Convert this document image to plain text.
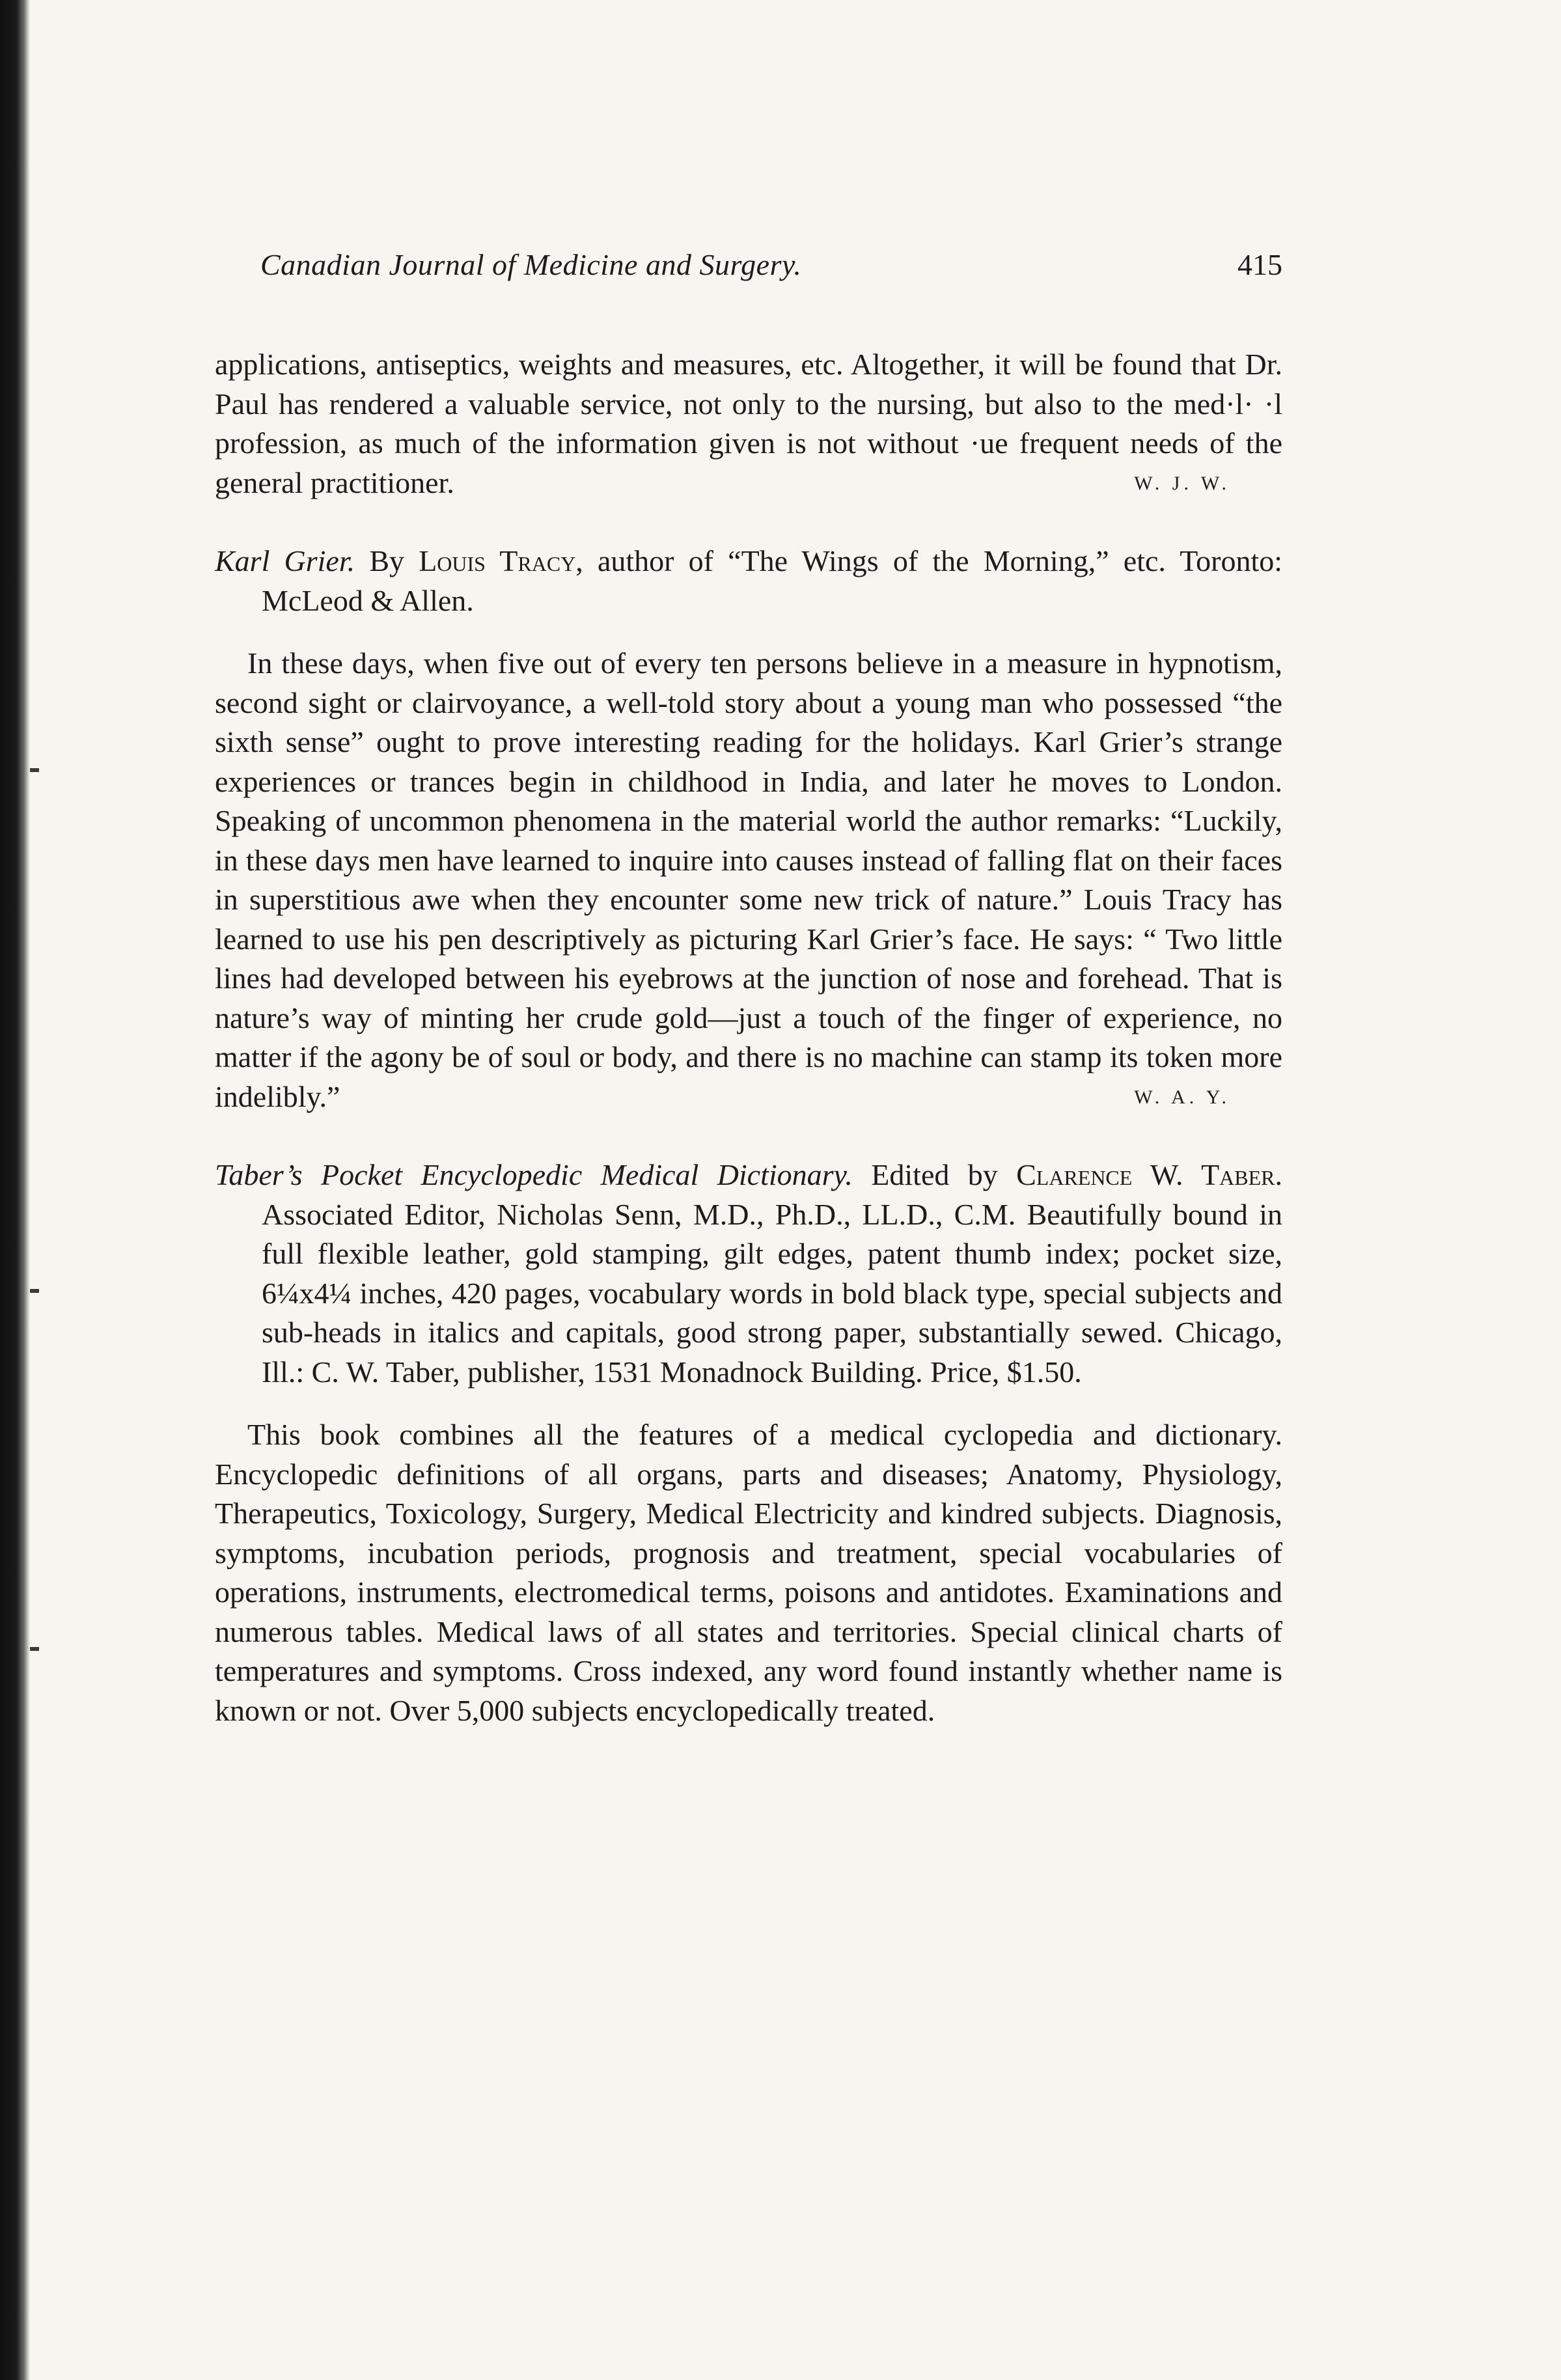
Canadian Journal of Medicine and Surgery.	415

applications, antiseptics, weights and measures, etc. Altogether, it will be found that Dr. Paul has rendered a valuable service, not only to the nursing, but also to the med·l· ·l profession, as much of the information given is not without ·ue frequent needs of the general practitioner.	W. J. W.

Karl Grier. By Louis Tracy, author of “The Wings of the Morning,” etc. Toronto: McLeod & Allen.

In these days, when five out of every ten persons believe in a measure in hypnotism, second sight or clairvoyance, a well-told story about a young man who possessed “the sixth sense” ought to prove interesting reading for the holidays. Karl Grier’s strange experiences or trances begin in childhood in India, and later he moves to London. Speaking of uncommon phenomena in the material world the author remarks: “Luckily, in these days men have learned to inquire into causes instead of falling flat on their faces in superstitious awe when they encounter some new trick of nature.” Louis Tracy has learned to use his pen descriptively as picturing Karl Grier’s face. He says: “ Two little lines had developed between his eyebrows at the junction of nose and forehead. That is nature’s way of minting her crude gold—just a touch of the finger of experience, no matter if the agony be of soul or body, and there is no machine can stamp its token more indelibly.”	W. A. Y.

Taber’s Pocket Encyclopedic Medical Dictionary. Edited by Clarence W. Taber. Associated Editor, Nicholas Senn, M.D., Ph.D., LL.D., C.M. Beautifully bound in full flexible leather, gold stamping, gilt edges, patent thumb index; pocket size, 6¼x4¼ inches, 420 pages, vocabulary words in bold black type, special subjects and sub-heads in italics and capitals, good strong paper, substantially sewed. Chicago, Ill.: C. W. Taber, publisher, 1531 Monadnock Building. Price, $1.50.

This book combines all the features of a medical cyclopedia and dictionary. Encyclopedic definitions of all organs, parts and diseases; Anatomy, Physiology, Therapeutics, Toxicology, Surgery, Medical Electricity and kindred subjects. Diagnosis, symptoms, incubation periods, prognosis and treatment, special vocabularies of operations, instruments, electromedical terms, poisons and antidotes. Examinations and numerous tables. Medical laws of all states and territories. Special clinical charts of temperatures and symptoms. Cross indexed, any word found instantly whether name is known or not. Over 5,000 subjects encyclopedically treated.
